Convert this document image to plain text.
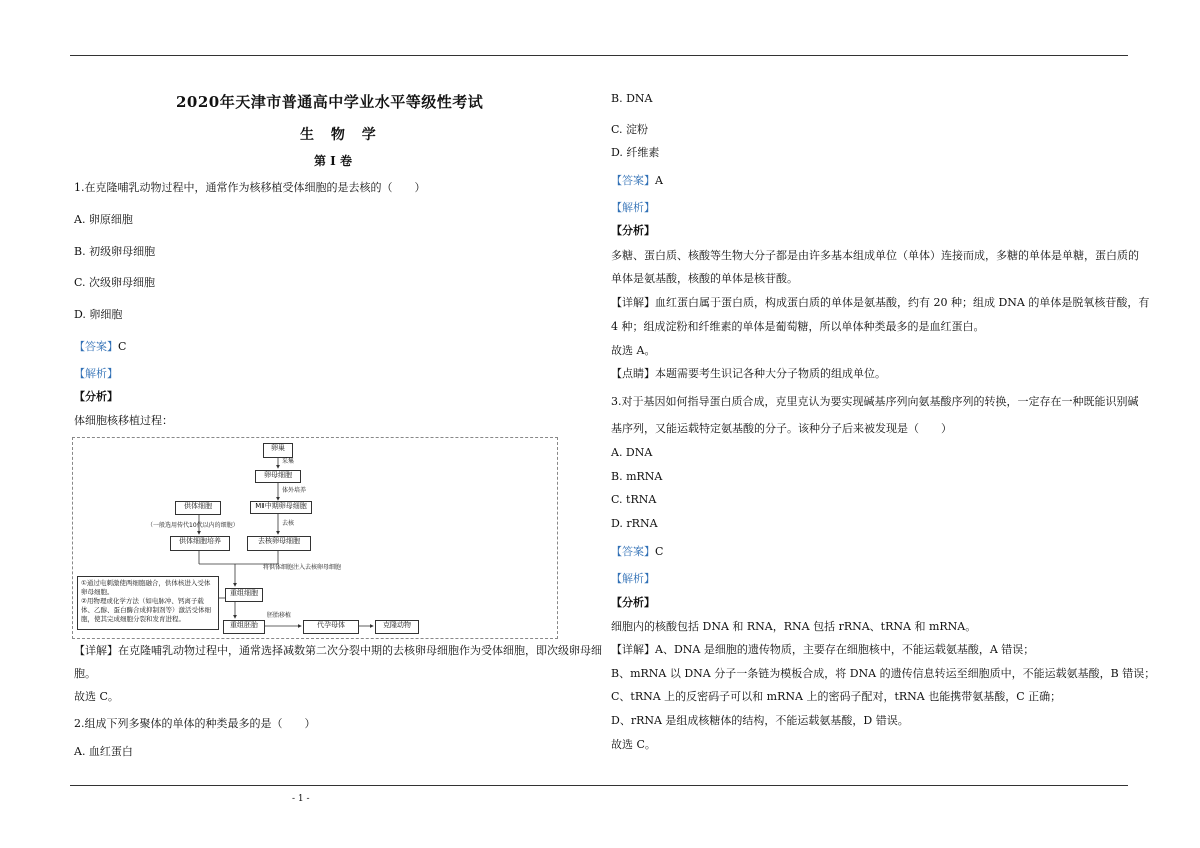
2020年天津市普通高中学业水平等级性考试
生 物 学
第 I 卷
1.在克隆哺乳动物过程中，通常作为核移植受体细胞的是去核的（　　）
A. 卵原细胞
B. 初级卵母细胞
C. 次级卵母细胞
D. 卵细胞
【答案】C
【解析】
【分析】
体细胞核移植过程：
卵巢
采集
卵母细胞
体外培养
MⅡ中期卵母细胞
供体细胞
去核
（一般选用传代10代以内的细胞）
供体细胞培养	去核卵母细胞
将供体细胞注入去核卵母细胞
重组细胞
①通过电刺激使两细胞融合，供体核进入受体卵母细胞。
②用物理或化学方法（如电脉冲、钙离子载体、乙醇、蛋白酶合成抑制剂等）激活受体细胞，使其完成细胞分裂和发育进程。
重组胚胎
胚胎移植
代孕母体	克隆动物
【详解】在克隆哺乳动物过程中，通常选择减数第二次分裂中期的去核卵母细胞作为受体细胞，即次级卵母细
胞。
故选 C。
2.组成下列多聚体的单体的种类最多的是（　　）
A. 血红蛋白
B. DNA
C. 淀粉
D. 纤维素
【答案】A
【解析】
【分析】
多糖、蛋白质、核酸等生物大分子都是由许多基本组成单位（单体）连接而成，多糖的单体是单糖，蛋白质的
单体是氨基酸，核酸的单体是核苷酸。
【详解】血红蛋白属于蛋白质，构成蛋白质的单体是氨基酸，约有 20 种；组成 DNA 的单体是脱氧核苷酸，有
4 种；组成淀粉和纤维素的单体是葡萄糖，所以单体种类最多的是血红蛋白。
故选 A。
【点睛】本题需要考生识记各种大分子物质的组成单位。
3.对于基因如何指导蛋白质合成，克里克认为要实现碱基序列向氨基酸序列的转换，一定存在一种既能识别碱
基序列，又能运载特定氨基酸的分子。该种分子后来被发现是（　　）
A. DNA
B. mRNA
C. tRNA
D. rRNA
【答案】C
【解析】
【分析】
细胞内的核酸包括 DNA 和 RNA，RNA 包括 rRNA、tRNA 和 mRNA。
【详解】A、DNA 是细胞的遗传物质，主要存在细胞核中，不能运载氨基酸，A 错误；
B、mRNA 以 DNA 分子一条链为模板合成，将 DNA 的遗传信息转运至细胞质中，不能运载氨基酸，B 错误；
C、tRNA 上的反密码子可以和 mRNA 上的密码子配对，tRNA 也能携带氨基酸，C 正确；
D、rRNA 是组成核糖体的结构，不能运载氨基酸，D 错误。
故选 C。
- 1 -
